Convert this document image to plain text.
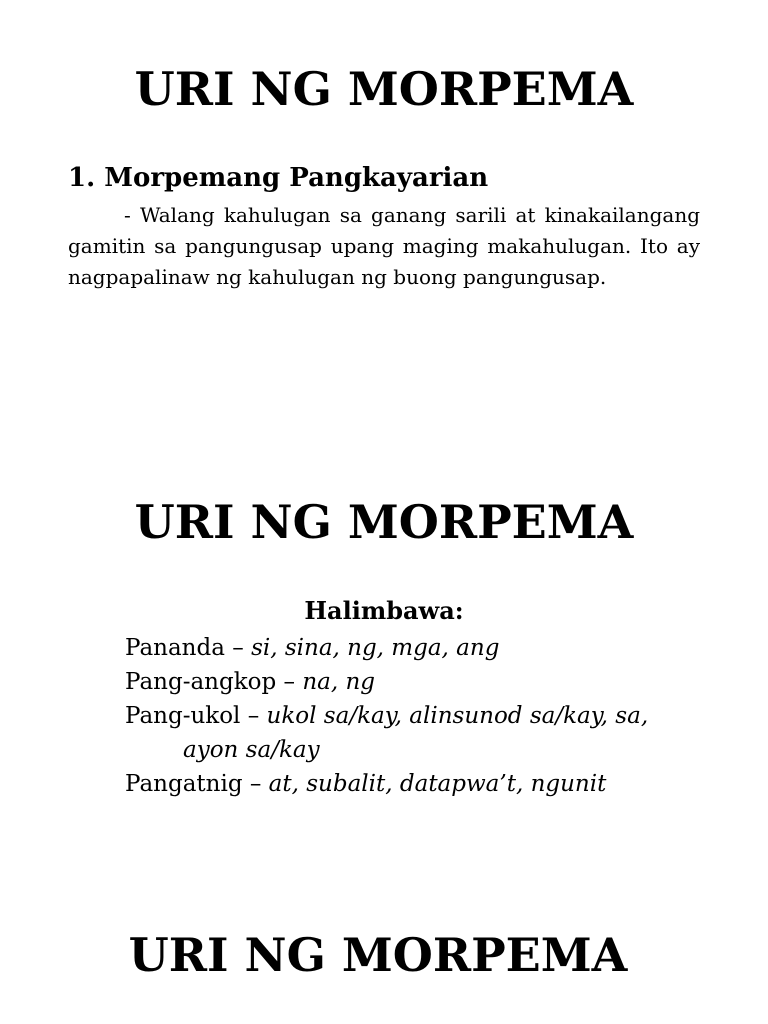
URI NG MORPEMA
1. Morpemang Pangkayarian

- Walang kahulugan sa ganang sarili at kinakailangang gamitin sa pangungusap upang maging makahulugan. Ito ay nagpapalinaw ng kahulugan ng buong pangungusap.

URI NG MORPEMA
Halimbawa:
Pananda – si, sina, ng, mga, ang
Pang-angkop – na, ng
Pang-ukol – ukol sa/kay, alinsunod sa/kay, sa,
ayon sa/kay
Pangatnig – at, subalit, datapwa’t, ngunit
URI NG MORPEMA
